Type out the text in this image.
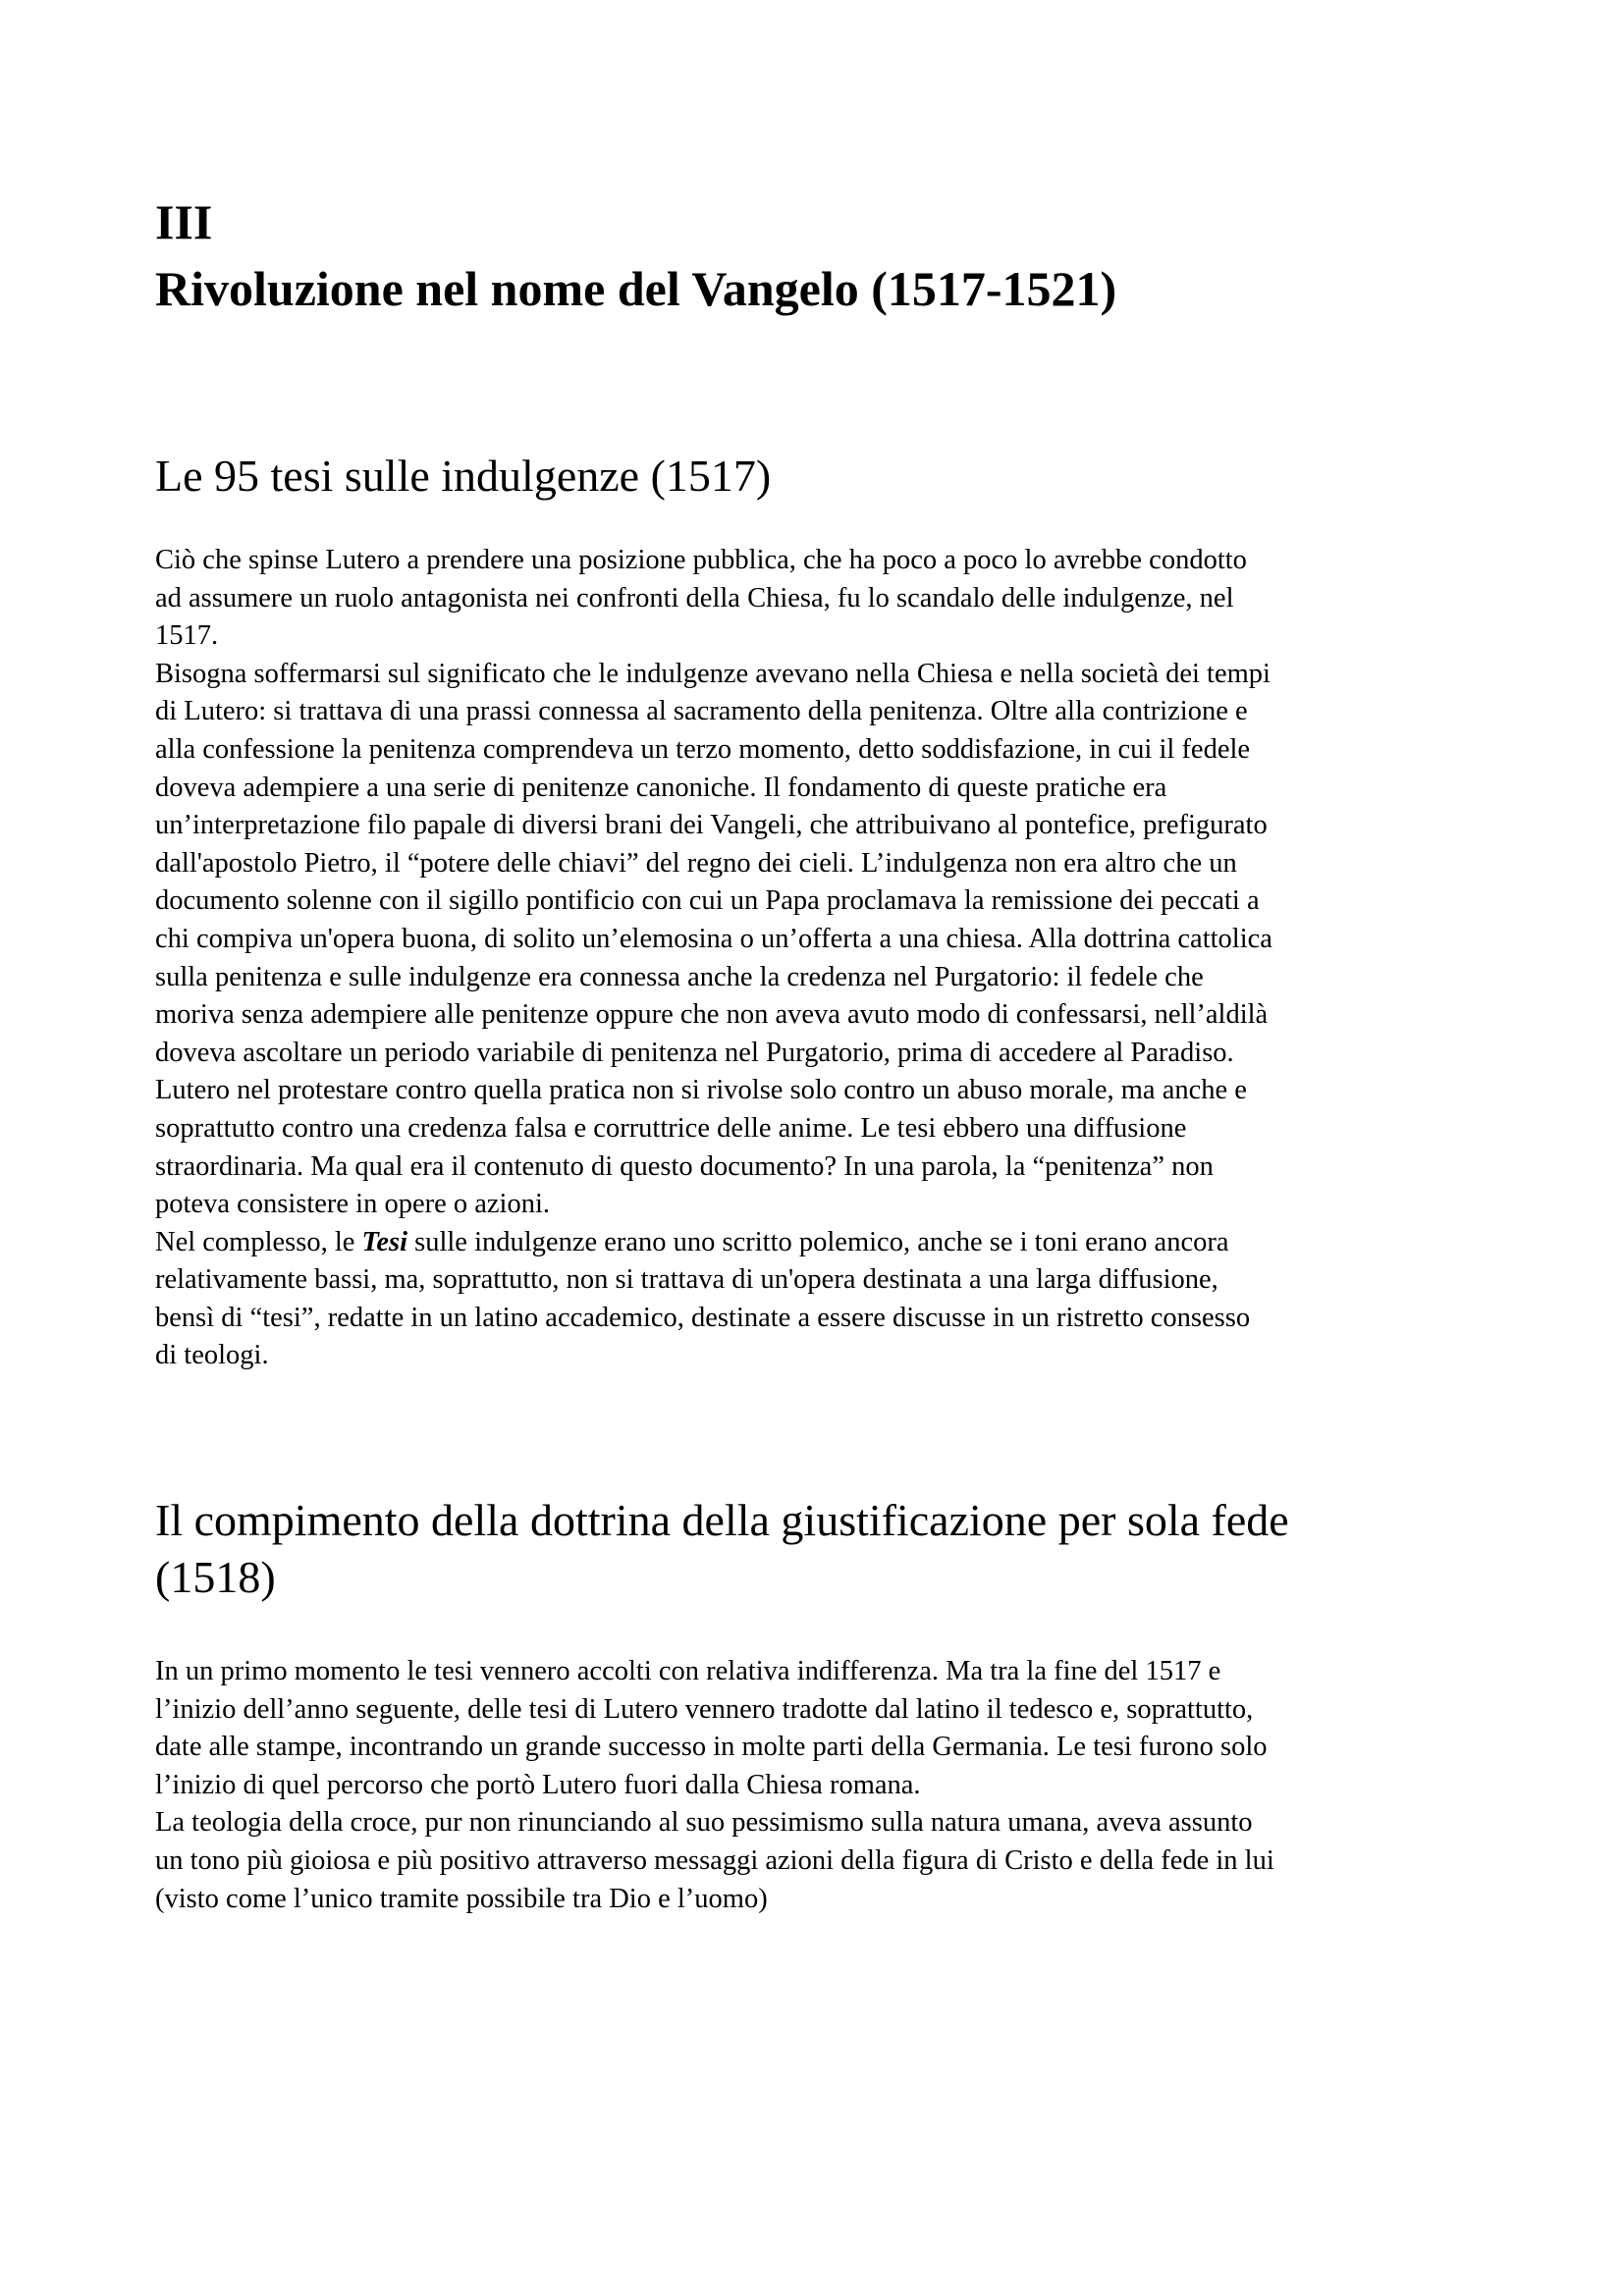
III
Rivoluzione nel nome del Vangelo (1517-1521)
Le 95 tesi sulle indulgenze (1517)

Ciò che spinse Lutero a prendere una posizione pubblica, che ha poco a poco lo avrebbe condotto
ad assumere un ruolo antagonista nei confronti della Chiesa, fu lo scandalo delle indulgenze, nel
1517.

Bisogna soffermarsi sul significato che le indulgenze avevano nella Chiesa e nella società dei tempi
di Lutero: si trattava di una prassi connessa al sacramento della penitenza. Oltre alla contrizione e
alla confessione la penitenza comprendeva un terzo momento, detto soddisfazione, in cui il fedele
doveva adempiere a una serie di penitenze canoniche. Il fondamento di queste pratiche era
un’interpretazione filo papale di diversi brani dei Vangeli, che attribuivano al pontefice, prefigurato
dall'apostolo Pietro, il “potere delle chiavi” del regno dei cieli. L’indulgenza non era altro che un
documento solenne con il sigillo pontificio con cui un Papa proclamava la remissione dei peccati a
chi compiva un'opera buona, di solito un’elemosina o un’offerta a una chiesa. Alla dottrina cattolica
sulla penitenza e sulle indulgenze era connessa anche la credenza nel Purgatorio: il fedele che
moriva senza adempiere alle penitenze oppure che non aveva avuto modo di confessarsi, nell’aldilà
doveva ascoltare un periodo variabile di penitenza nel Purgatorio, prima di accedere al Paradiso.
Lutero nel protestare contro quella pratica non si rivolse solo contro un abuso morale, ma anche e
soprattutto contro una credenza falsa e corruttrice delle anime. Le tesi ebbero una diffusione
straordinaria. Ma qual era il contenuto di questo documento? In una parola, la “penitenza” non
poteva consistere in opere o azioni.

Nel complesso, le Tesi sulle indulgenze erano uno scritto polemico, anche se i toni erano ancora
relativamente bassi, ma, soprattutto, non si trattava di un'opera destinata a una larga diffusione,
bensì di “tesi”, redatte in un latino accademico, destinate a essere discusse in un ristretto consesso
di teologi.

Il compimento della dottrina della giustificazione per sola fede
(1518)

In un primo momento le tesi vennero accolti con relativa indifferenza. Ma tra la fine del 1517 e
l’inizio dell’anno seguente, delle tesi di Lutero vennero tradotte dal latino il tedesco e, soprattutto,
date alle stampe, incontrando un grande successo in molte parti della Germania. Le tesi furono solo
l’inizio di quel percorso che portò Lutero fuori dalla Chiesa romana.

La teologia della croce, pur non rinunciando al suo pessimismo sulla natura umana, aveva assunto
un tono più gioiosa e più positivo attraverso messaggi azioni della figura di Cristo e della fede in lui
(visto come l’unico tramite possibile tra Dio e l’uomo)
